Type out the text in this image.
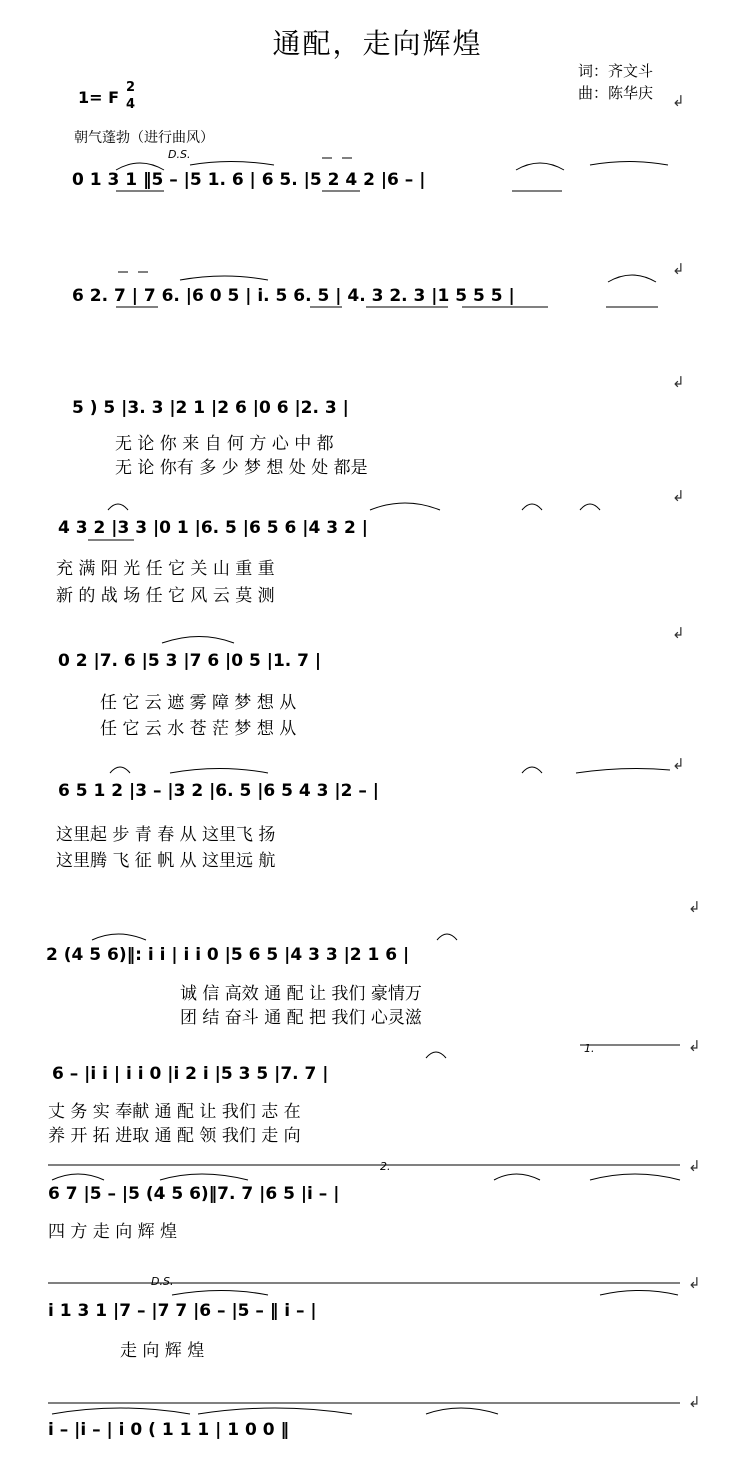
通配，走向辉煌
词：齐文斗
曲：陈华庆
1= F
2
4
朝气蓬勃（进行曲风）
D.S.
D.S.
1.
2.
0 1 3 1 ‖5 – |5 1. 6 | 6 5. |5 2 4 2 |6 – |
6 2. 7 | 7 6. |6 0 5 | i. 5 6. 5 | 4. 3 2. 3 |1 5 5 5 |
5 ) 5 |3. 3 |2 1 |2 6 |0 6 |2. 3 |
无 论 你 来 自 何 方 心 中 都
无 论 你有 多 少 梦 想 处 处 都是
4 3 2 |3 3 |0 1 |6. 5 |6 5 6 |4 3 2 |
充 满 阳 光 任 它 关 山 重 重
新 的 战 场 任 它 风 云 莫 测
0 2 |7. 6 |5 3 |7 6 |0 5 |1. 7 |
任 它 云 遮 雾 障 梦 想 从
任 它 云 水 苍 茫 梦 想 从
6 5 1 2 |3 – |3 2 |6. 5 |6 5 4 3 |2 – |
这里起 步 青 春 从 这里飞 扬
这里腾 飞 征 帆 从 这里远 航
2 (4 5 6)‖: i i | i i 0 |5 6 5 |4 3 3 |2 1 6 |
诚 信 高效 通 配 让 我们 豪情万
团 结 奋斗 通 配 把 我们 心灵滋
6 – |i i | i i 0 |i 2 i |5 3 5 |7. 7 |
丈 务 实 奉献 通 配 让 我们 志 在
养 开 拓 进取 通 配 领 我们 走 向
6 7 |5 – |5 (4 5 6)‖7. 7 |6 5 |i – |
四 方 走 向 辉 煌
i 1 3 1 |7 – |7 7 |6 – |5 – ‖ i – |
走 向 辉 煌
i – |i – | i 0 ( 1 1 1 | 1 0 0 ‖
↲
↲
↲
↲
↲
↲
↲
↲
↲
↲
↲
